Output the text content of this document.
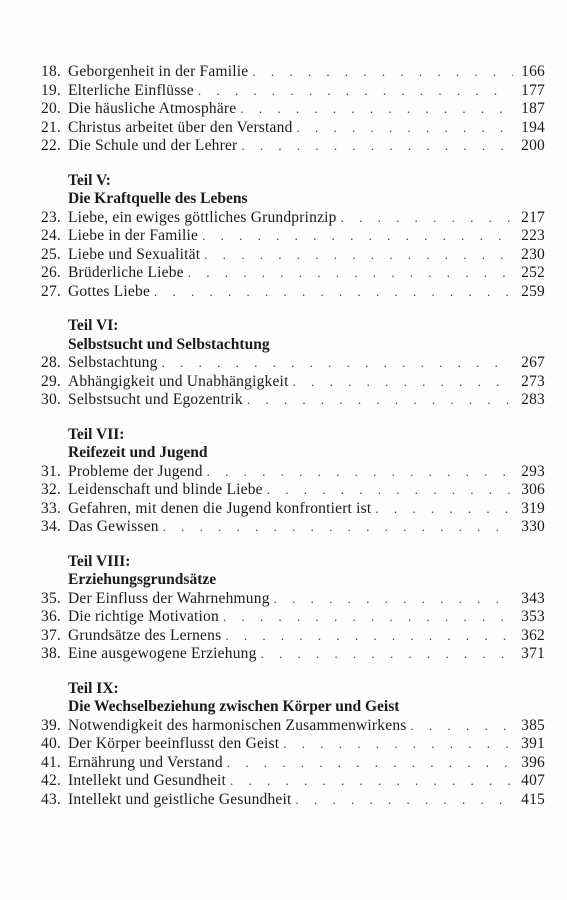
18. Geborgenheit in der Familie . . .	166
19. Elterliche Einflüsse . . .	177
20. Die häusliche Atmosphäre . . .	187
21. Christus arbeitet über den Verstand . . .	194
22. Die Schule und der Lehrer . . .	200
Teil V:
Die Kraftquelle des Lebens
23. Liebe, ein ewiges göttliches Grundprinzip . . .	217
24. Liebe in der Familie . . .	223
25. Liebe und Sexualität . . .	230
26. Brüderliche Liebe . . .	252
27. Gottes Liebe . . .	259
Teil VI:
Selbstsucht und Selbstachtung
28. Selbstachtung . . .	267
29. Abhängigkeit und Unabhängigkeit . . .	273
30. Selbstsucht und Egozentrik . . .	283
Teil VII:
Reifezeit und Jugend
31. Probleme der Jugend . . .	293
32. Leidenschaft und blinde Liebe . . .	306
33. Gefahren, mit denen die Jugend konfrontiert ist . . .	319
34. Das Gewissen . . .	330
Teil VIII:
Erziehungsgrundsätze
35. Der Einfluss der Wahrnehmung . . .	343
36. Die richtige Motivation . . .	353
37. Grundsätze des Lernens . . .	362
38. Eine ausgewogene Erziehung . . .	371
Teil IX:
Die Wechselbeziehung zwischen Körper und Geist
39. Notwendigkeit des harmonischen Zusammenwirkens . . .	385
40. Der Körper beeinflusst den Geist . . .	391
41. Ernährung und Verstand . . .	396
42. Intellekt und Gesundheit . . .	407
43. Intellekt und geistliche Gesundheit . . .	415
